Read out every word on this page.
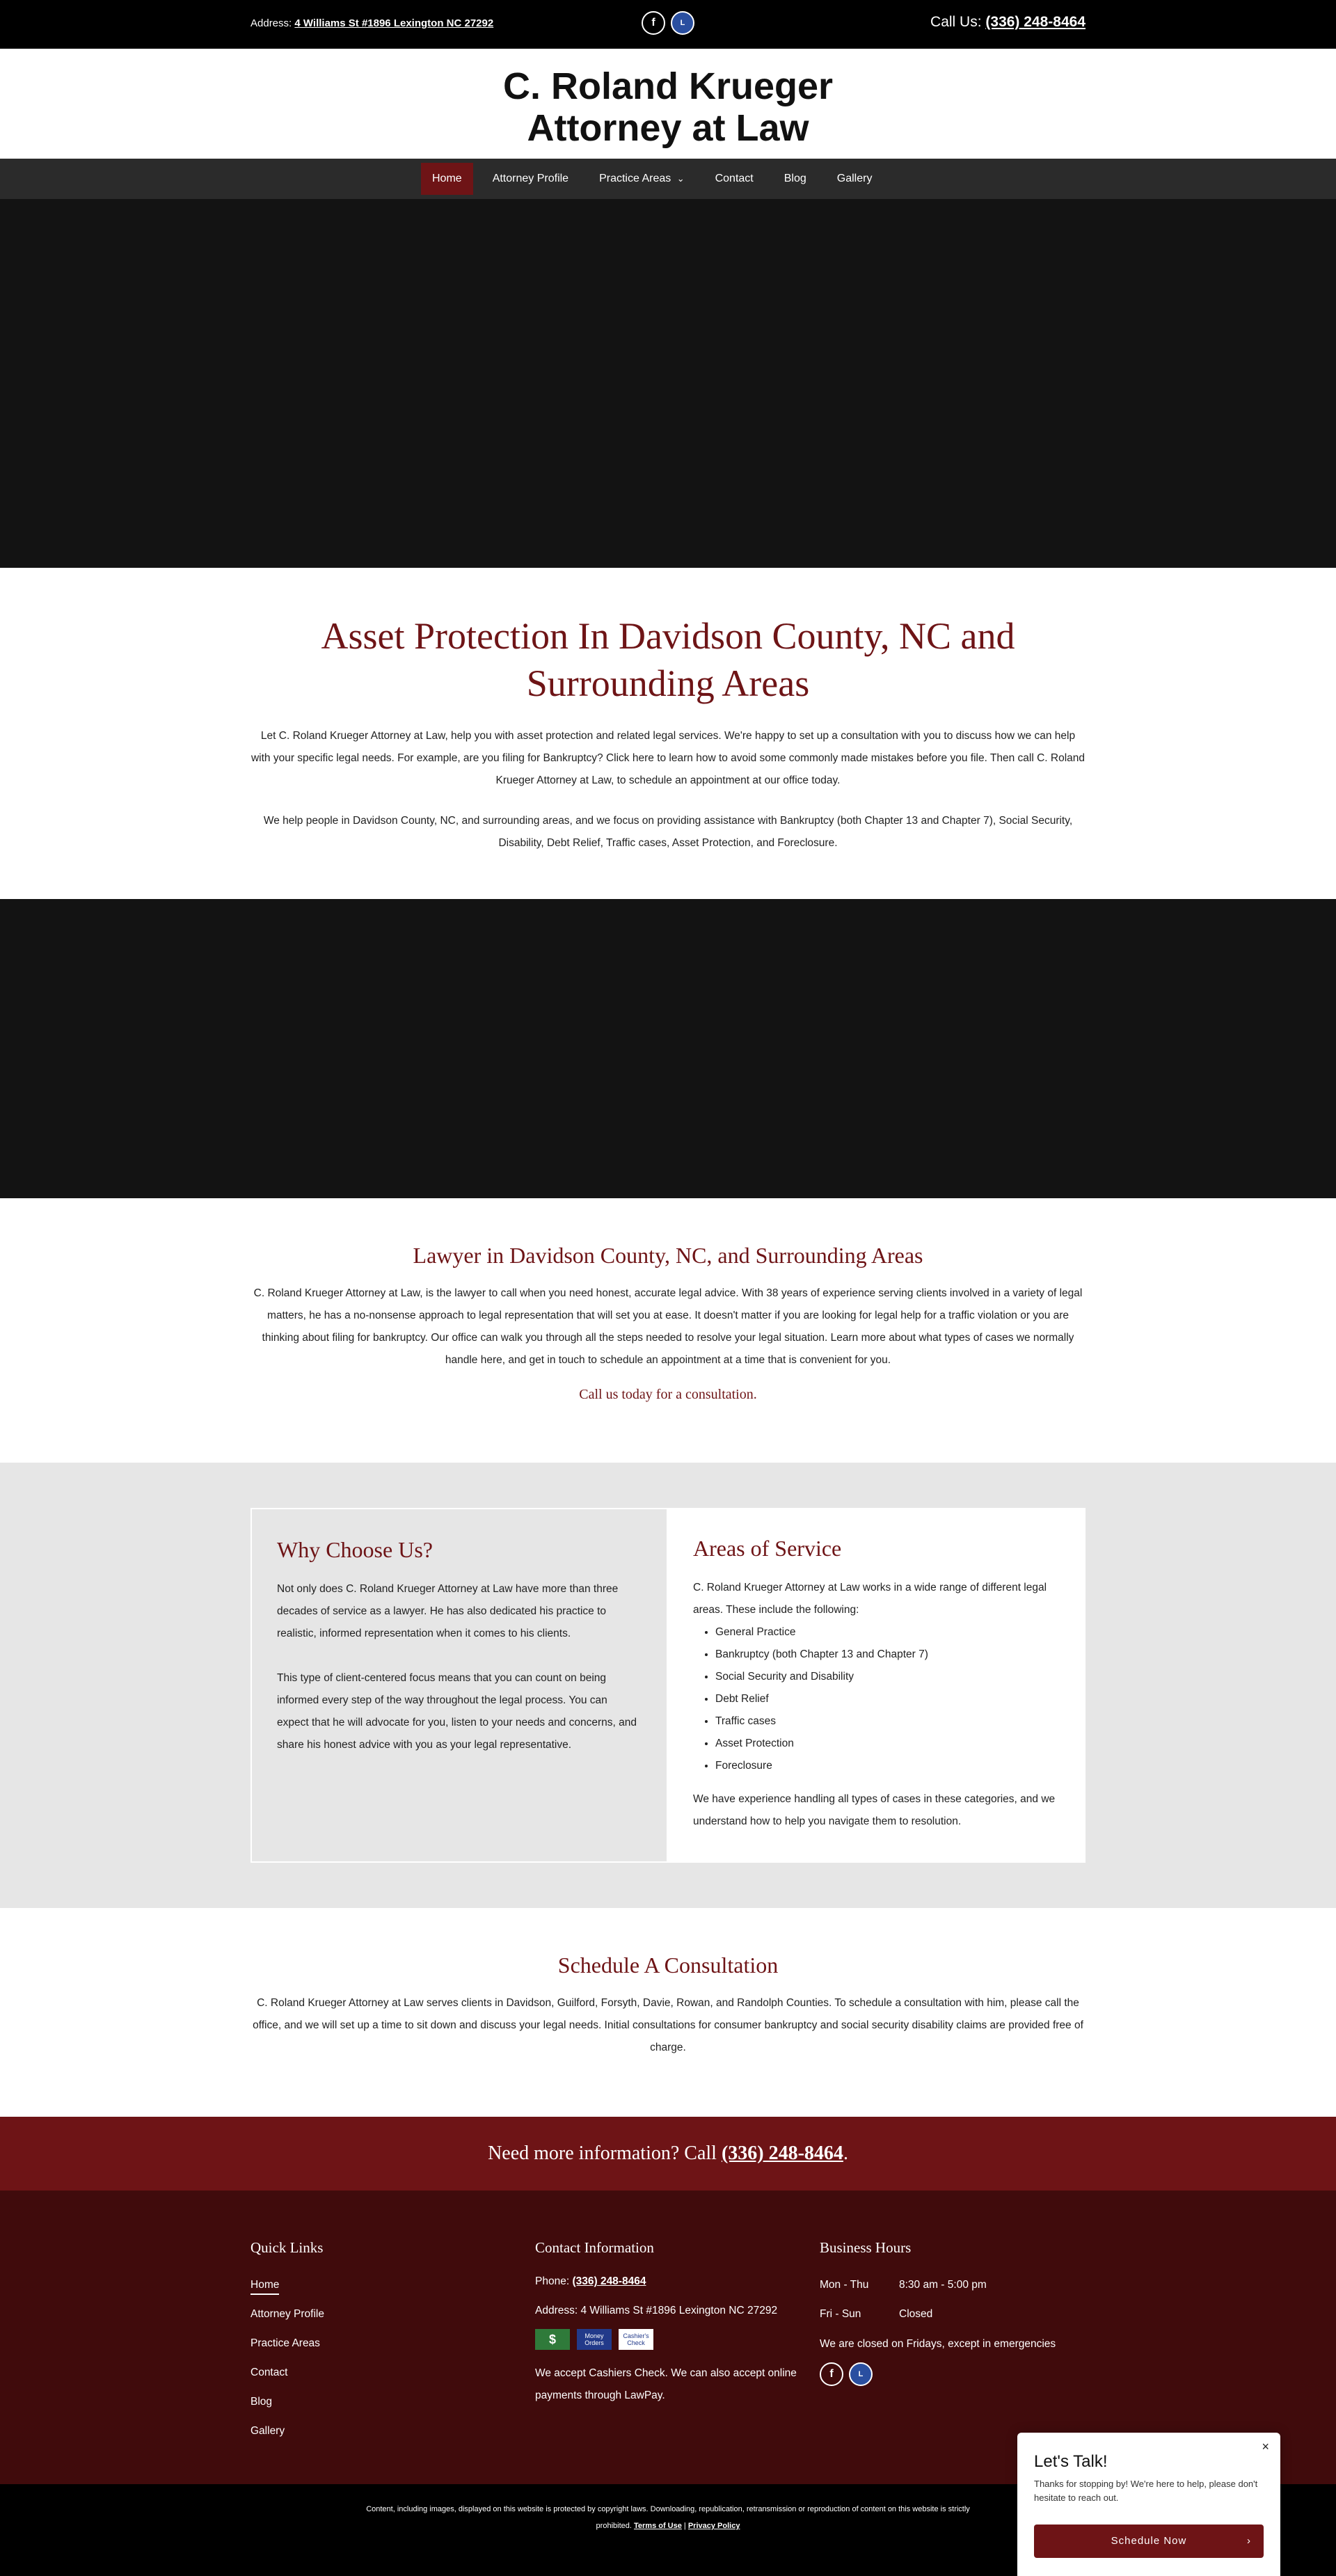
Address: 4 Williams St #1896 Lexington NC 27292	f	L	Call Us: (336) 248-8464
C. Roland Krueger
Attorney at Law
Home	Attorney Profile	Practice Areas ⌄	Contact	Blog	Gallery
Asset Protection In Davidson County, NC and Surrounding Areas

Let C. Roland Krueger Attorney at Law, help you with asset protection and related legal services. We're happy to set up a consultation with you to discuss how we can help with your specific legal needs. For example, are you filing for Bankruptcy? Click here to learn how to avoid some commonly made mistakes before you file. Then call C. Roland Krueger Attorney at Law, to schedule an appointment at our office today.

We help people in Davidson County, NC, and surrounding areas, and we focus on providing assistance with Bankruptcy (both Chapter 13 and Chapter 7), Social Security, Disability, Debt Relief, Traffic cases, Asset Protection, and Foreclosure.

Lawyer in Davidson County, NC, and Surrounding Areas

C. Roland Krueger Attorney at Law, is the lawyer to call when you need honest, accurate legal advice. With 38 years of experience serving clients involved in a variety of legal matters, he has a no-nonsense approach to legal representation that will set you at ease. It doesn't matter if you are looking for legal help for a traffic violation or you are thinking about filing for bankruptcy. Our office can walk you through all the steps needed to resolve your legal situation. Learn more about what types of cases we normally handle here, and get in touch to schedule an appointment at a time that is convenient for you.

Call us today for a consultation.
Why Choose Us?

Not only does C. Roland Krueger Attorney at Law have more than three decades of service as a lawyer. He has also dedicated his practice to realistic, informed representation when it comes to his clients.

This type of client-centered focus means that you can count on being informed every step of the way throughout the legal process. You can expect that he will advocate for you, listen to your needs and concerns, and share his honest advice with you as your legal representative.

Areas of Service

C. Roland Krueger Attorney at Law works in a wide range of different legal areas. These include the following:

• General Practice
• Bankruptcy (both Chapter 13 and Chapter 7)
• Social Security and Disability
• Debt Relief
• Traffic cases
• Asset Protection
• Foreclosure

We have experience handling all types of cases in these categories, and we understand how to help you navigate them to resolution.

Schedule A Consultation

C. Roland Krueger Attorney at Law serves clients in Davidson, Guilford, Forsyth, Davie, Rowan, and Randolph Counties. To schedule a consultation with him, please call the office, and we will set up a time to sit down and discuss your legal needs. Initial consultations for consumer bankruptcy and social security disability claims are provided free of charge.

Need more information? Call (336) 248-8464.
Quick Links
Home
Attorney Profile
Practice Areas
Contact
Blog
Gallery
Contact Information

Phone: (336) 248-8464

Address: 4 Williams St #1896 Lexington NC 27292

$	Money Orders
Cashier's Check

We accept Cashiers Check. We can also accept online payments through LawPay.

Business Hours
Mon - Thu	8:30 am - 5:00 pm
Fri - Sun	Closed

We are closed on Fridays, except in emergencies

f	L
Content, including images, displayed on this website is protected by copyright laws. Downloading, republication, retransmission or reproduction of content on this website is strictly
prohibited. Terms of Use | Privacy Policy
×
Let's Talk!

Thanks for stopping by! We're here to help, please don't hesitate to reach out.

Schedule Now	›
